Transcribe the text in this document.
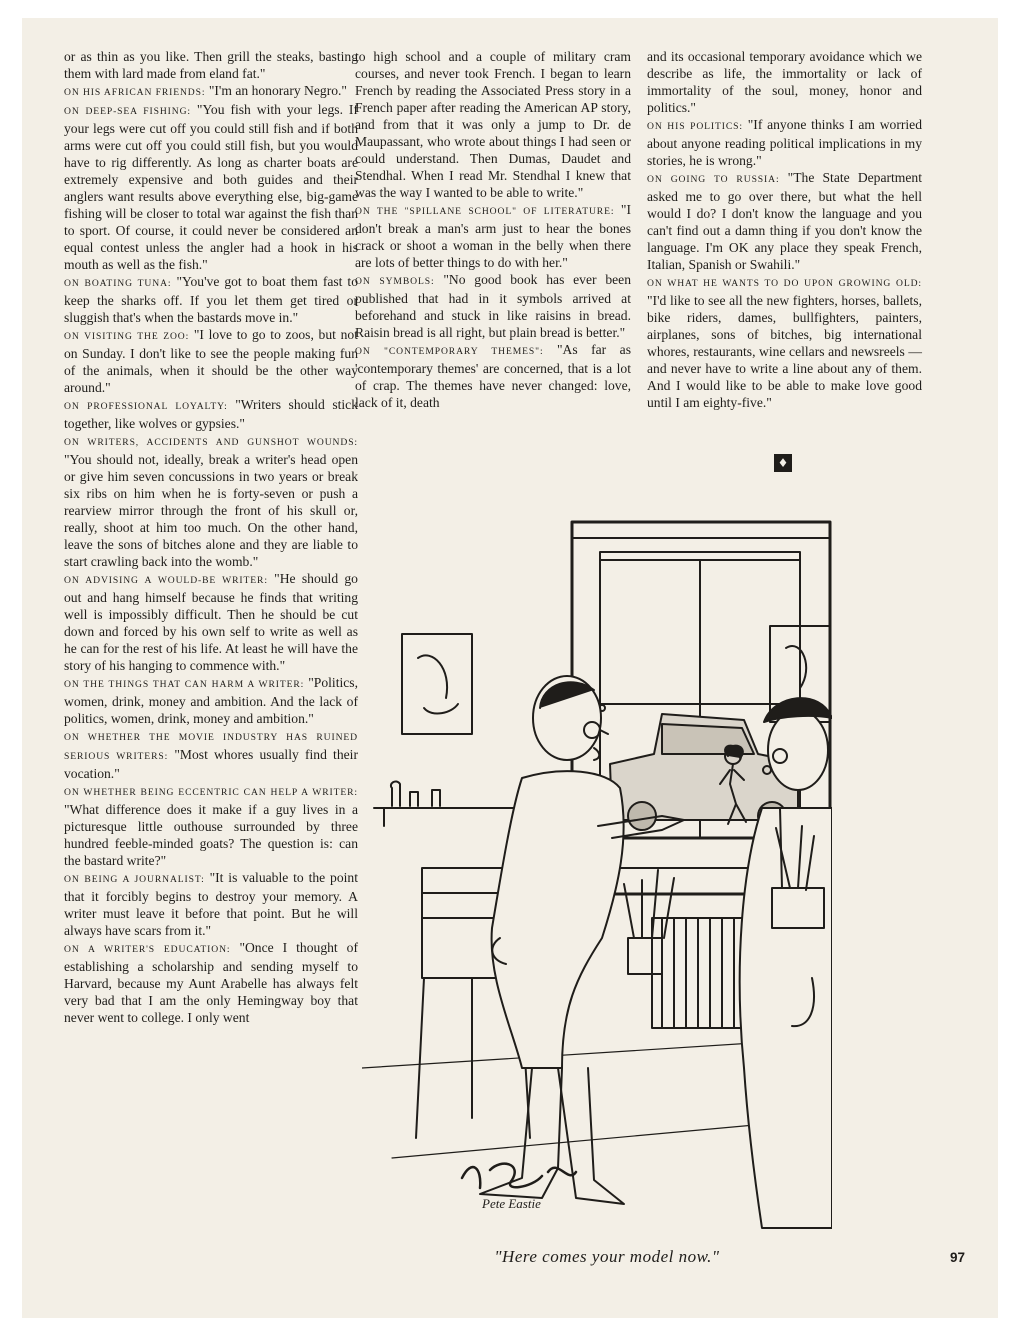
or as thin as you like. Then grill the steaks, basting them with lard made from eland fat."

ON HIS AFRICAN FRIENDS: "I'm an honorary Negro."

ON DEEP-SEA FISHING: "You fish with your legs. If your legs were cut off you could still fish and if both arms were cut off you could still fish, but you would have to rig differently. As long as charter boats are extremely expensive and both guides and their anglers want results above everything else, big-game fishing will be closer to total war against the fish than to sport. Of course, it could never be considered an equal contest unless the angler had a hook in his mouth as well as the fish."

ON BOATING TUNA: "You've got to boat them fast to keep the sharks off. If you let them get tired or sluggish that's when the bastards move in."

ON VISITING THE ZOO: "I love to go to zoos, but not on Sunday. I don't like to see the people making fun of the animals, when it should be the other way around."

ON PROFESSIONAL LOYALTY: "Writers should stick together, like wolves or gypsies."

ON WRITERS, ACCIDENTS AND GUNSHOT WOUNDS: "You should not, ideally, break a writer's head open or give him seven concussions in two years or break six ribs on him when he is forty-seven or push a rearview mirror through the front of his skull or, really, shoot at him too much. On the other hand, leave the sons of bitches alone and they are liable to start crawling back into the womb."

ON ADVISING A WOULD-BE WRITER: "He should go out and hang himself because he finds that writing well is impossibly difficult. Then he should be cut down and forced by his own self to write as well as he can for the rest of his life. At least he will have the story of his hanging to commence with."

ON THE THINGS THAT CAN HARM A WRITER: "Politics, women, drink, money and ambition. And the lack of politics, women, drink, money and ambition."

ON WHETHER THE MOVIE INDUSTRY HAS RUINED SERIOUS WRITERS: "Most whores usually find their vocation."

ON WHETHER BEING ECCENTRIC CAN HELP A WRITER: "What difference does it make if a guy lives in a picturesque little outhouse surrounded by three hundred feeble-minded goats? The question is: can the bastard write?"

ON BEING A JOURNALIST: "It is valuable to the point that it forcibly begins to destroy your memory. A writer must leave it before that point. But he will always have scars from it."

ON A WRITER'S EDUCATION: "Once I thought of establishing a scholarship and sending myself to Harvard, because my Aunt Arabelle has always felt very bad that I am the only Hemingway boy that never went to college. I only went

to high school and a couple of military cram courses, and never took French. I began to learn French by reading the Associated Press story in a French paper after reading the American AP story, and from that it was only a jump to Dr. de Maupassant, who wrote about things I had seen or could understand. Then Dumas, Daudet and Stendhal. When I read Mr. Stendhal I knew that was the way I wanted to be able to write."

ON THE "SPILLANE SCHOOL" OF LITERATURE: "I don't break a man's arm just to hear the bones crack or shoot a woman in the belly when there are lots of better things to do with her."

ON SYMBOLS: "No good book has ever been published that had in it symbols arrived at beforehand and stuck in like raisins in bread. Raisin bread is all right, but plain bread is better."

ON "CONTEMPORARY THEMES": "As far as 'contemporary themes' are concerned, that is a lot of crap. The themes have never changed: love, lack of it, death

and its occasional temporary avoidance which we describe as life, the immortality or lack of immortality of the soul, money, honor and politics."

ON HIS POLITICS: "If anyone thinks I am worried about anyone reading political implications in my stories, he is wrong."

ON GOING TO RUSSIA: "The State Department asked me to go over there, but what the hell would I do? I don't know the language and you can't find out a damn thing if you don't know the language. I'm OK any place they speak French, Italian, Spanish or Swahili."

ON WHAT HE WANTS TO DO UPON GROWING OLD: "I'd like to see all the new fighters, horses, ballets, bike riders, dames, bullfighters, painters, airplanes, sons of bitches, big international whores, restaurants, wine cellars and newsreels — and never have to write a line about any of them. And I would like to be able to make love good until I am eighty-five."

♦
Pete Eastie
"Here comes your model now."	97
